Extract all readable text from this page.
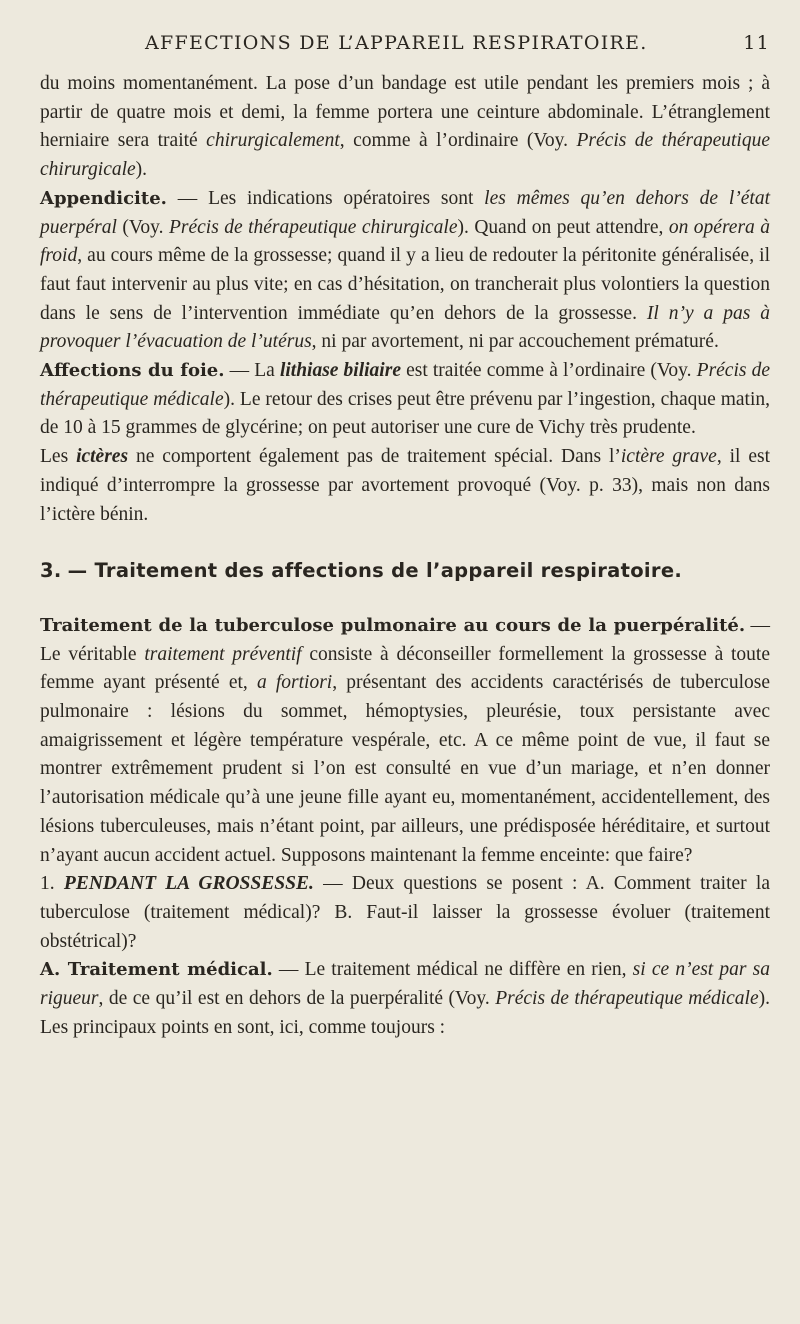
AFFECTIONS DE L’APPAREIL RESPIRATOIRE.	11

du moins momentanément. La pose d’un bandage est utile pendant les premiers mois ; à partir de quatre mois et demi, la femme portera une ceinture abdominale. L’étranglement herniaire sera traité chirurgicalement, comme à l’ordinaire (Voy. Précis de thérapeutique chirurgicale).

Appendicite. — Les indications opératoires sont les mêmes qu’en dehors de l’état puerpéral (Voy. Précis de thérapeutique chirurgicale). Quand on peut attendre, on opérera à froid, au cours même de la grossesse; quand il y a lieu de redouter la péritonite généralisée, il faut faut intervenir au plus vite; en cas d’hésitation, on trancherait plus volontiers la question dans le sens de l’intervention immédiate qu’en dehors de la grossesse. Il n’y a pas à provoquer l’évacuation de l’utérus, ni par avortement, ni par accouchement prématuré.

Affections du foie. — La lithiase biliaire est traitée comme à l’ordinaire (Voy. Précis de thérapeutique médicale). Le retour des crises peut être prévenu par l’ingestion, chaque matin, de 10 à 15 grammes de glycérine; on peut autoriser une cure de Vichy très prudente.

Les ictères ne comportent également pas de traitement spécial. Dans l’ictère grave, il est indiqué d’interrompre la grossesse par avortement provoqué (Voy. p. 33), mais non dans l’ictère bénin.

3. — Traitement des affections de l’appareil respiratoire.

Traitement de la tuberculose pulmonaire au cours de la puerpéralité. — Le véritable traitement préventif consiste à déconseiller formellement la grossesse à toute femme ayant présenté et, a fortiori, présentant des accidents caractérisés de tuberculose pulmonaire : lésions du sommet, hémoptysies, pleurésie, toux persistante avec amaigrissement et légère température vespérale, etc. A ce même point de vue, il faut se montrer extrêmement prudent si l’on est consulté en vue d’un mariage, et n’en donner l’autorisation médicale qu’à une jeune fille ayant eu, momentanément, accidentellement, des lésions tuberculeuses, mais n’étant point, par ailleurs, une prédisposée héréditaire, et surtout n’ayant aucun accident actuel. Supposons maintenant la femme enceinte: que faire?

1. PENDANT LA GROSSESSE. — Deux questions se posent : A. Comment traiter la tuberculose (traitement médical)? B. Faut-il laisser la grossesse évoluer (traitement obstétrical)?

A. Traitement médical. — Le traitement médical ne diffère en rien, si ce n’est par sa rigueur, de ce qu’il est en dehors de la puerpéralité (Voy. Précis de thérapeutique médicale). Les principaux points en sont, ici, comme toujours :
